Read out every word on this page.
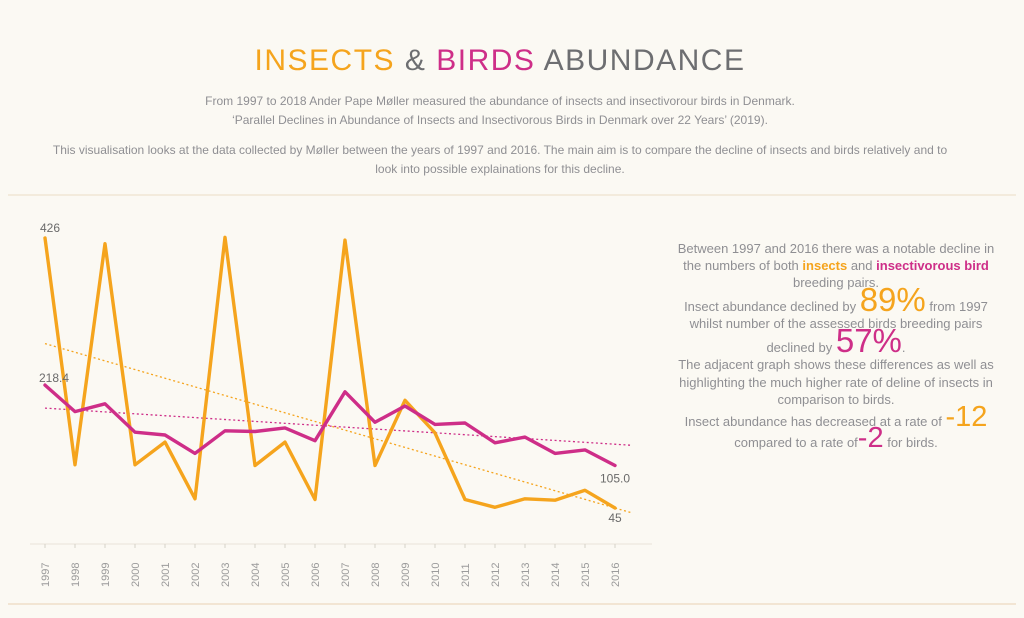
INSECTS & BIRDS ABUNDANCE
From 1997 to 2018 Ander Pape Møller measured the abundance of insects and insectivorour birds in Denmark.
‘Parallel Declines in Abundance of Insects and Insectivorous Birds in Denmark over 22 Years’ (2019).
This visualisation looks at the data collected by Møller between the years of 1997 and 2016. The main aim is to compare the decline of insects and birds relatively and to
look into possible explainations for this decline.
1997 1998 1999 2000 2001 2002 2003 2004 2005 2006 2007 2008 2009 2010 2011 2012 2013 2014 2015 2016
426
218.4
105.0
45

Between 1997 and 2016 there was a notable decline in
the numbers of both insects and insectivorous bird
breeding pairs.

Insect abundance declined by 89% from 1997
whilst number of the assessed birds breeding pairs
declined by 57%.

The adjacent graph shows these differences as well as
highlighting the much higher rate of deline of insects in
comparison to birds.

Insect abundance has decreased at a rate of -12
compared to a rate of-2 for birds.
